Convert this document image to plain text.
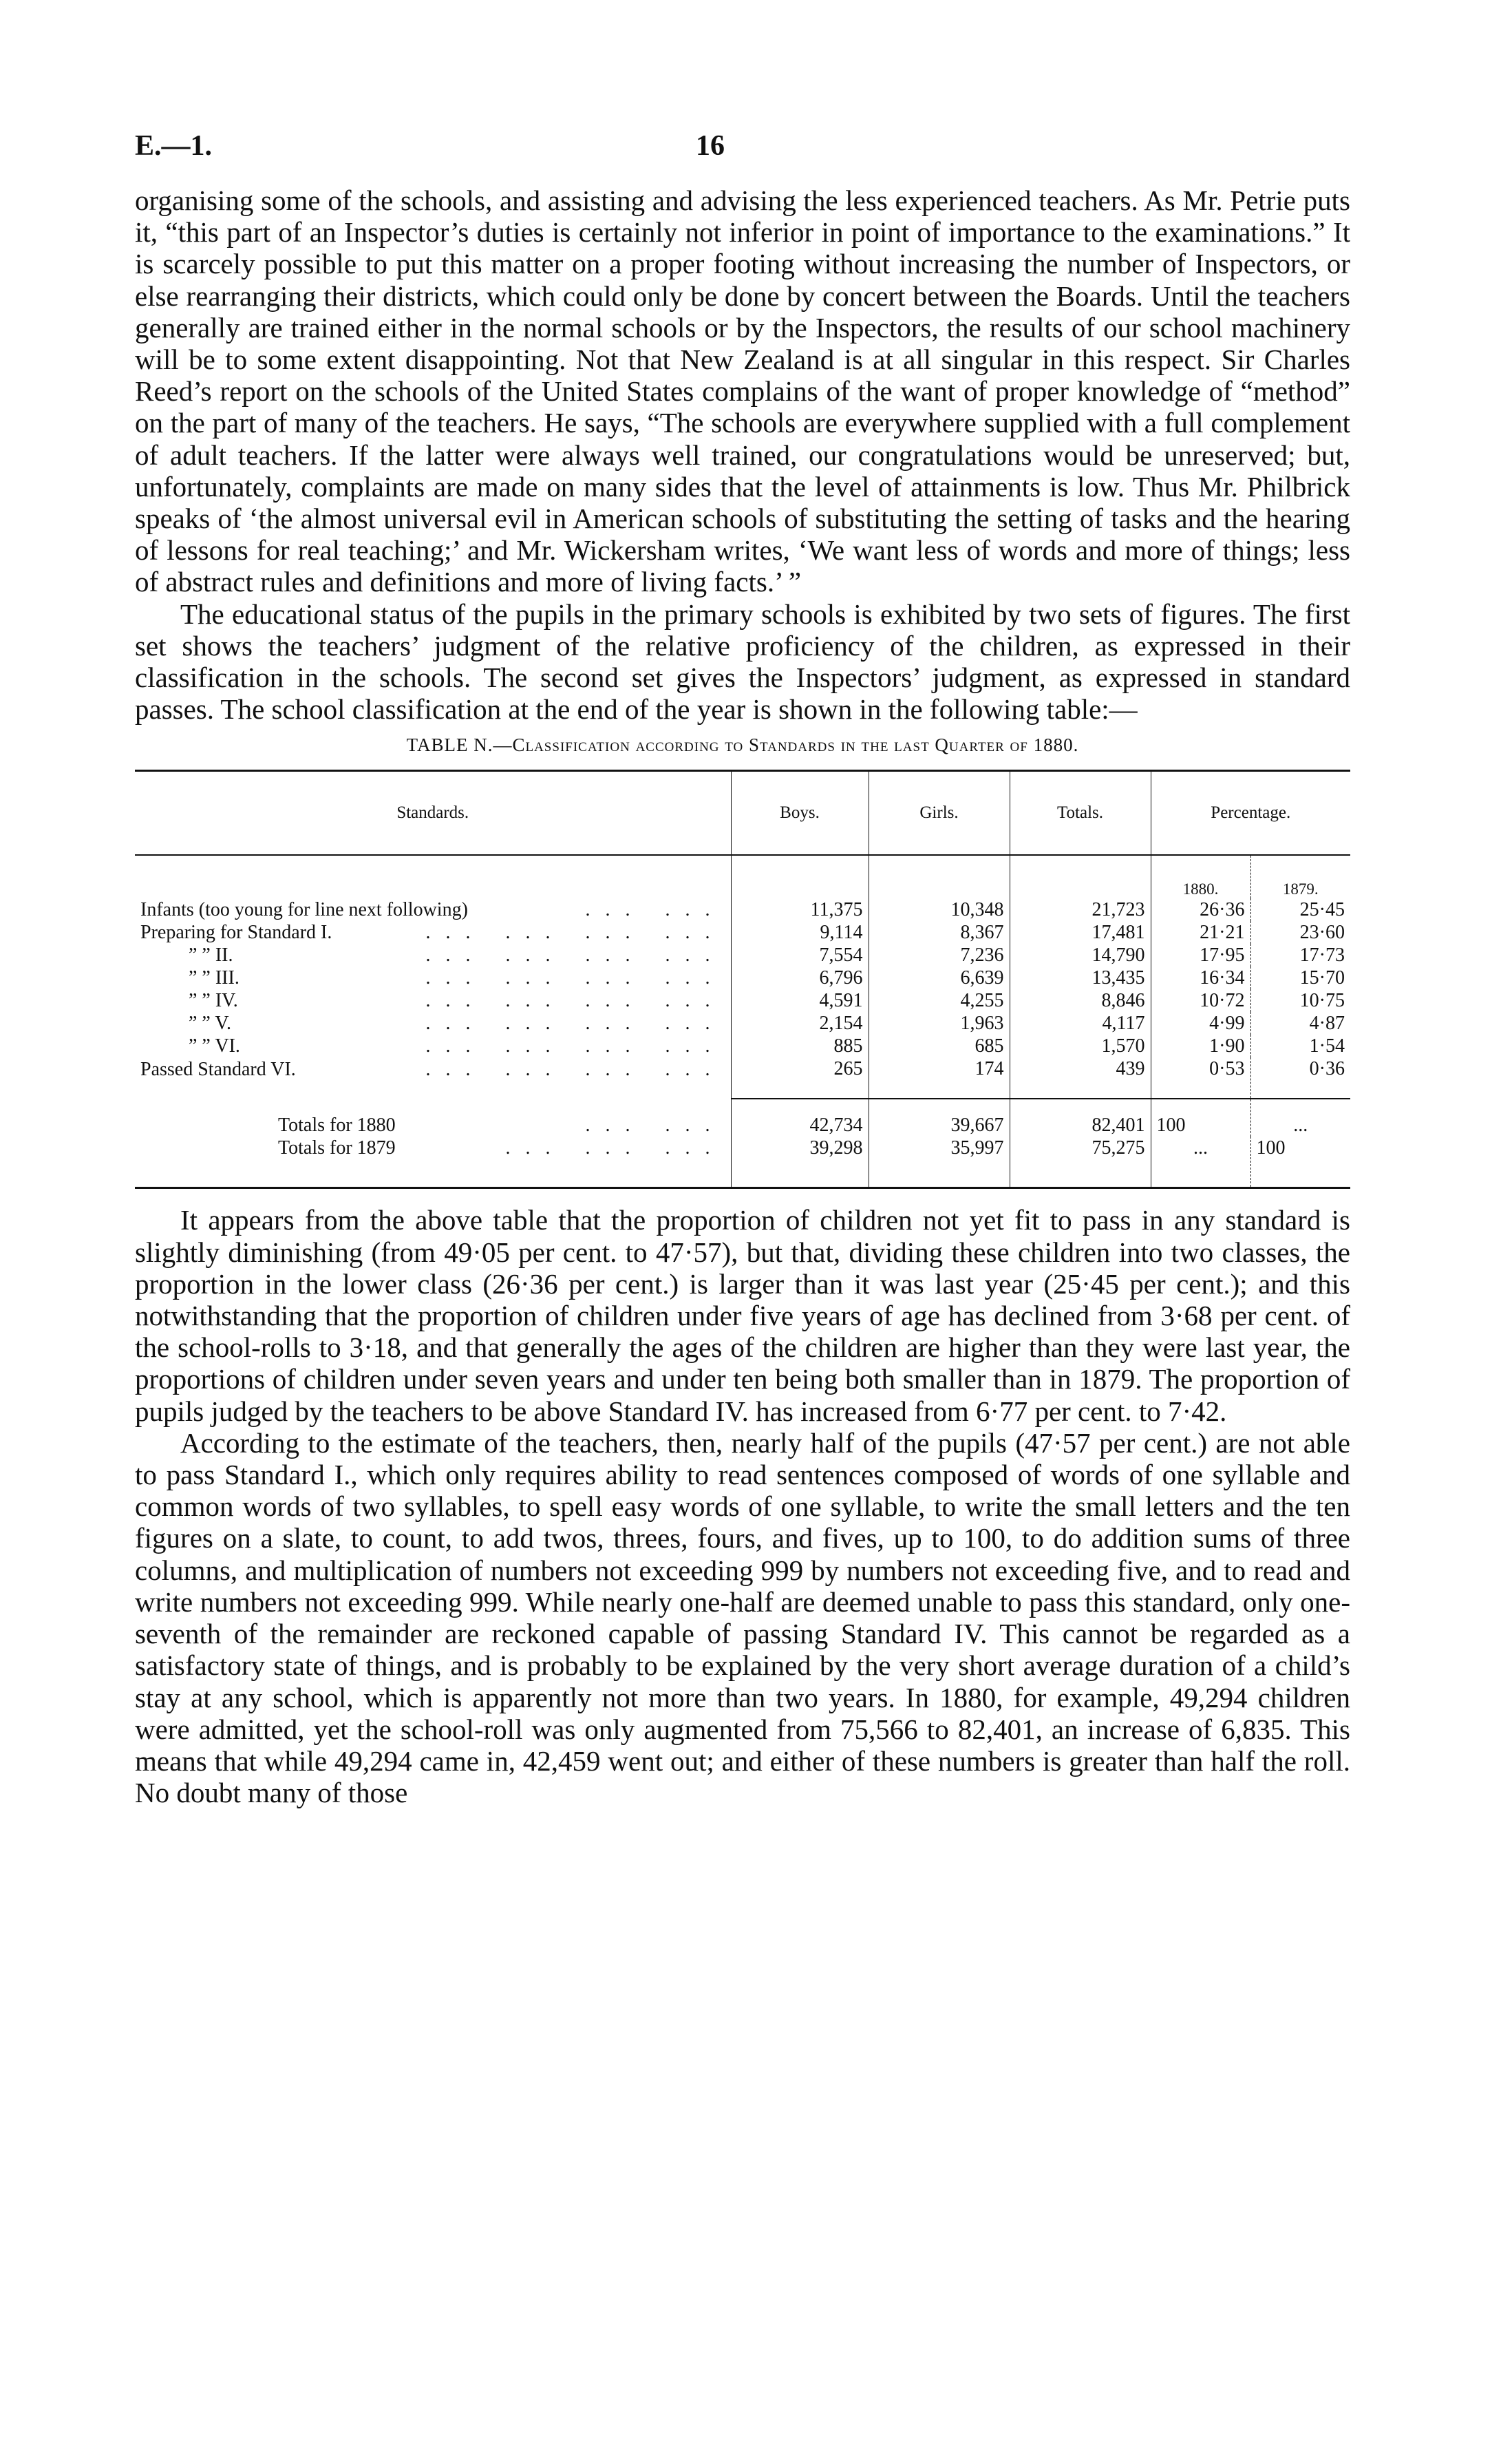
E.—1.	16

organising some of the schools, and assisting and advising the less experienced teachers. As Mr. Petrie puts it, “this part of an Inspector’s duties is certainly not inferior in point of importance to the examinations.” It is scarcely possible to put this matter on a proper footing without increasing the number of Inspectors, or else rearranging their districts, which could only be done by concert between the Boards. Until the teachers generally are trained either in the normal schools or by the Inspectors, the results of our school machinery will be to some extent disappointing. Not that New Zealand is at all singular in this respect. Sir Charles Reed’s report on the schools of the United States complains of the want of proper knowledge of “method” on the part of many of the teachers. He says, “The schools are everywhere supplied with a full complement of adult teachers. If the latter were always well trained, our congratulations would be unreserved; but, unfortunately, complaints are made on many sides that the level of attainments is low. Thus Mr. Philbrick speaks of ‘the almost universal evil in American schools of substituting the setting of tasks and the hearing of lessons for real teaching;’ and Mr. Wickersham writes, ‘We want less of words and more of things; less of abstract rules and definitions and more of living facts.’ ”

The educational status of the pupils in the primary schools is exhibited by two sets of figures. The first set shows the teachers’ judgment of the relative proficiency of the children, as expressed in their classification in the schools. The second set gives the Inspectors’ judgment, as expressed in standard passes. The school classification at the end of the year is shown in the following table:—

TABLE N.—Classification according to Standards in the last Quarter of 1880.
Standards.	Boys.	Girls.	Totals.	Percentage.	
				1880.	1879.
Infants (too young for line next following) ... ...	11,375	10,348	21,723	26·36	25·45
Preparing for Standard I. ... ... ... ...	9,114	8,367	17,481	21·21	23·60
” ” II. ... ... ... ...	7,554	7,236	14,790	17·95	17·73
” ” III. ... ... ... ...	6,796	6,639	13,435	16·34	15·70
” ” IV. ... ... ... ...	4,591	4,255	8,846	10·72	10·75
” ” V. ... ... ... ...	2,154	1,963	4,117	4·99	4·87
” ” VI. ... ... ... ...	885	685	1,570	1·90	1·54
Passed Standard VI. ... ... ... ...	265	174	439	0·53	0·36
Totals for 1880 ... ...	42,734	39,667	82,401	100	...
Totals for 1879 ... ... ...	39,298	35,997	75,275	...	100

It appears from the above table that the proportion of children not yet fit to pass in any standard is slightly diminishing (from 49·05 per cent. to 47·57), but that, dividing these children into two classes, the proportion in the lower class (26·36 per cent.) is larger than it was last year (25·45 per cent.); and this notwithstanding that the proportion of children under five years of age has declined from 3·68 per cent. of the school-rolls to 3·18, and that generally the ages of the children are higher than they were last year, the proportions of children under seven years and under ten being both smaller than in 1879. The proportion of pupils judged by the teachers to be above Standard IV. has increased from 6·77 per cent. to 7·42.

According to the estimate of the teachers, then, nearly half of the pupils (47·57 per cent.) are not able to pass Standard I., which only requires ability to read sentences composed of words of one syllable and common words of two syllables, to spell easy words of one syllable, to write the small letters and the ten figures on a slate, to count, to add twos, threes, fours, and fives, up to 100, to do addition sums of three columns, and multiplication of numbers not exceeding 999 by numbers not exceeding five, and to read and write numbers not exceeding 999. While nearly one-half are deemed unable to pass this standard, only one-seventh of the remainder are reckoned capable of passing Standard IV. This cannot be regarded as a satisfactory state of things, and is probably to be explained by the very short average duration of a child’s stay at any school, which is apparently not more than two years. In 1880, for example, 49,294 children were admitted, yet the school-roll was only augmented from 75,566 to 82,401, an increase of 6,835. This means that while 49,294 came in, 42,459 went out; and either of these numbers is greater than half the roll. No doubt many of those
